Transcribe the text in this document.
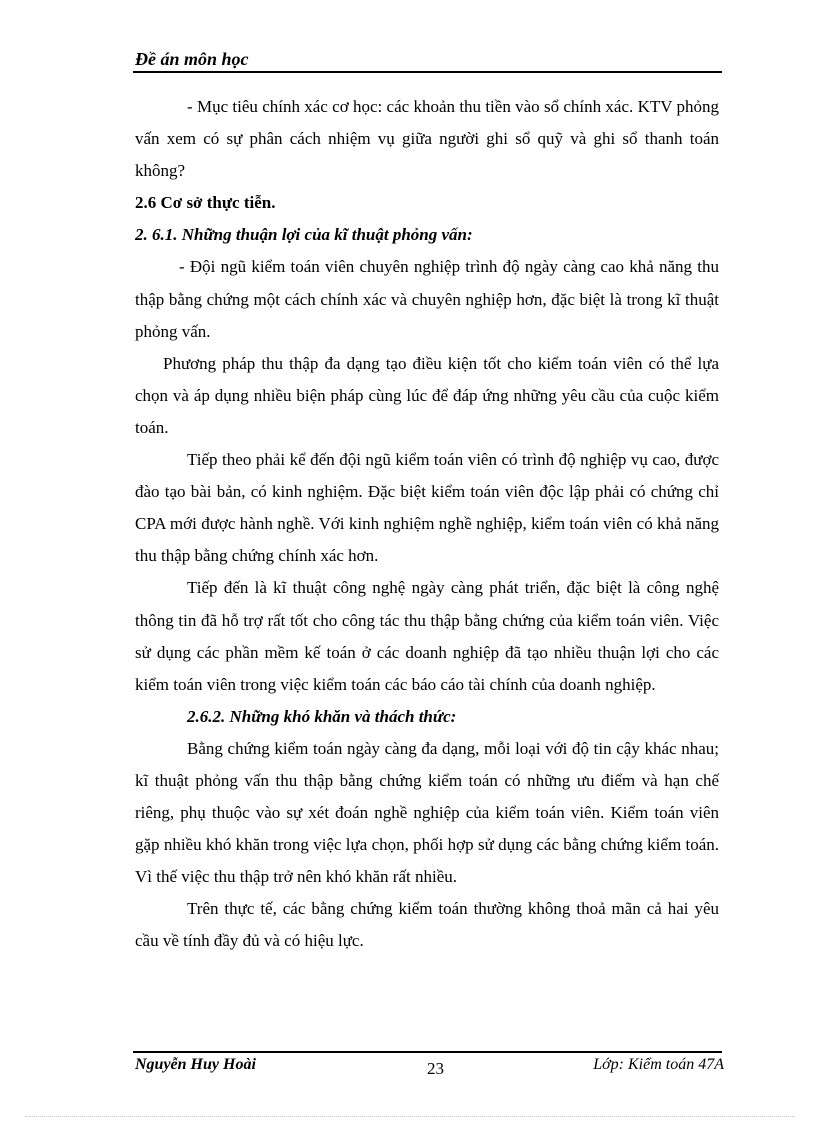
Đề án môn học

- Mục tiêu chính xác cơ học: các khoản thu tiền vào sổ chính xác. KTV phỏng vấn xem có sự phân cách nhiệm vụ giữa người ghi sổ quỹ và ghi sổ thanh toán không?

2.6 Cơ sở thực tiễn.

2. 6.1. Những thuận lợi của kĩ thuật phỏng vấn:

- Đội ngũ kiểm toán viên chuyên nghiệp trình độ ngày càng cao khả năng thu thập bằng chứng một cách chính xác và chuyên nghiệp hơn, đặc biệt là trong kĩ thuật phỏng vấn.

Phương pháp thu thập đa dạng tạo điều kiện tốt cho kiểm toán viên có thể lựa chọn và áp dụng nhiều biện pháp cùng lúc để đáp ứng những yêu cầu của cuộc kiểm toán.

Tiếp theo phải kể đến đội ngũ kiểm toán viên có trình độ nghiệp vụ cao, được đào tạo bài bản, có kinh nghiệm. Đặc biệt kiểm toán viên độc lập phải có chứng chỉ CPA mới được hành nghề. Với kinh nghiệm nghề nghiệp, kiểm toán viên có khả năng thu thập bằng chứng chính xác hơn.

Tiếp đến là kĩ thuật công nghệ ngày càng phát triển, đặc biệt là công nghệ thông tin đã hỗ trợ rất tốt cho công tác thu thập bằng chứng của kiểm toán viên. Việc sử dụng các phần mềm kế toán ở các doanh nghiệp đã tạo nhiều thuận lợi cho các kiểm toán viên trong việc kiểm toán các báo cáo tài chính của doanh nghiệp.

2.6.2. Những khó khăn và thách thức:

Bằng chứng kiểm toán ngày càng đa dạng, mỗi loại với độ tin cậy khác nhau; kĩ thuật phỏng vấn thu thập bằng chứng kiểm toán có những ưu điểm và hạn chế riêng, phụ thuộc vào sự xét đoán nghề nghiệp của kiểm toán viên. Kiểm toán viên gặp nhiều khó khăn trong việc lựa chọn, phối hợp sử dụng các bằng chứng kiểm toán. Vì thế việc thu thập trở nên khó khăn rất nhiều.

Trên thực tế, các bằng chứng kiểm toán thường không thoả mãn cả hai yêu cầu về tính đầy đủ và có hiệu lực.

Nguyễn Huy Hoài	23	Lớp: Kiểm toán 47A
